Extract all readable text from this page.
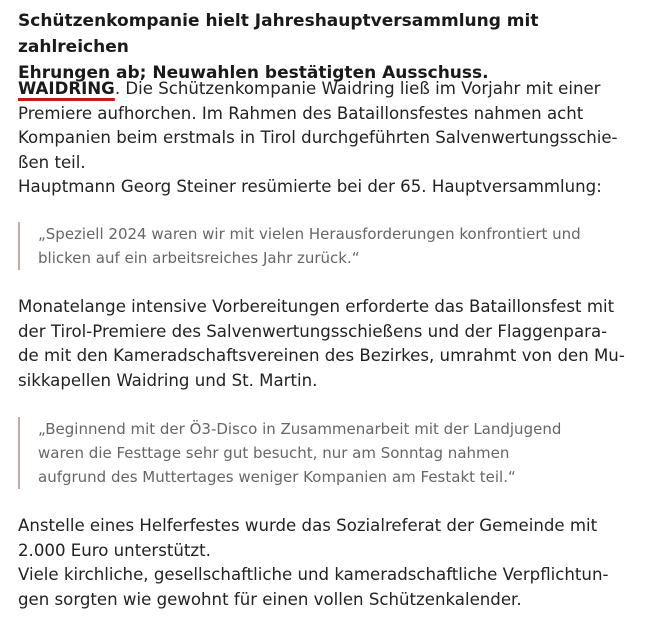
Schützenkompanie hielt Jahreshauptversammlung mit zahlreichen
Ehrungen ab; Neuwahlen bestätigten Ausschuss.
WAIDRING. Die Schützenkompanie Waidring ließ im Vorjahr mit einer
Premiere aufhorchen. Im Rahmen des Bataillonsfestes nahmen acht
Kompanien beim erstmals in Tirol durchgeführten Salvenwertungsschie-
ßen teil.
Hauptmann Georg Steiner resümierte bei der 65. Hauptversammlung:

„Speziell 2024 waren wir mit vielen Herausforderungen konfrontiert und
blicken auf ein arbeitsreiches Jahr zurück.“

Monatelange intensive Vorbereitungen erforderte das Bataillonsfest mit
der Tirol-Premiere des Salvenwertungsschießens und der Flaggenpara-
de mit den Kameradschaftsvereinen des Bezirkes, umrahmt von den Mu-
sikkapellen Waidring und St. Martin.

„Beginnend mit der Ö3-Disco in Zusammenarbeit mit der Landjugend
waren die Festtage sehr gut besucht, nur am Sonntag nahmen
aufgrund des Muttertages weniger Kompanien am Festakt teil.“

Anstelle eines Helferfestes wurde das Sozialreferat der Gemeinde mit
2.000 Euro unterstützt.
Viele kirchliche, gesellschaftliche und kameradschaftliche Verpflichtun-
gen sorgten wie gewohnt für einen vollen Schützenkalender.
